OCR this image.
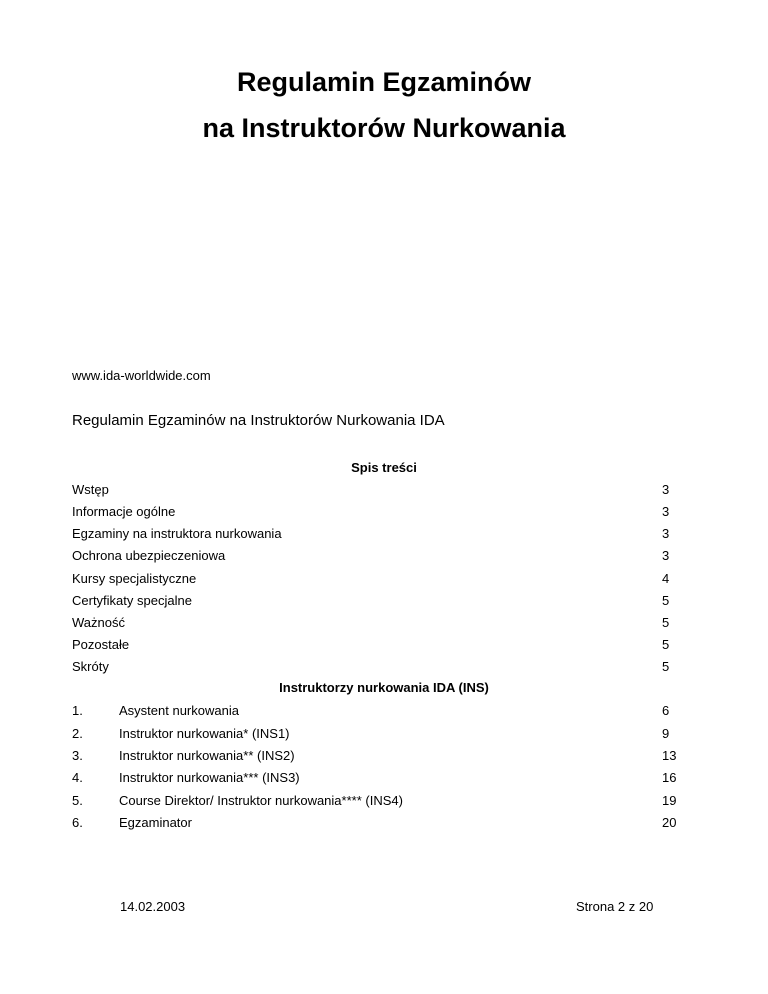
Regulamin Egzaminów
na Instruktorów Nurkowania
www.ida-worldwide.com
Regulamin Egzaminów na Instruktorów Nurkowania IDA
Spis treści
Wstęp	3
Informacje ogólne	3
Egzaminy na instruktora nurkowania	3
Ochrona ubezpieczeniowa	3
Kursy specjalistyczne	4
Certyfikaty specjalne	5
Ważność	5
Pozostałe	5
Skróty	5
Instruktorzy nurkowania IDA (INS)
1.	Asystent nurkowania	6
2.	Instruktor nurkowania* (INS1)	9
3.	Instruktor nurkowania** (INS2)	13
4.	Instruktor nurkowania*** (INS3)	16
5.	Course Direktor/ Instruktor nurkowania**** (INS4)	19
6.	Egzaminator	20
14.02.2003	Strona 2 z 20
